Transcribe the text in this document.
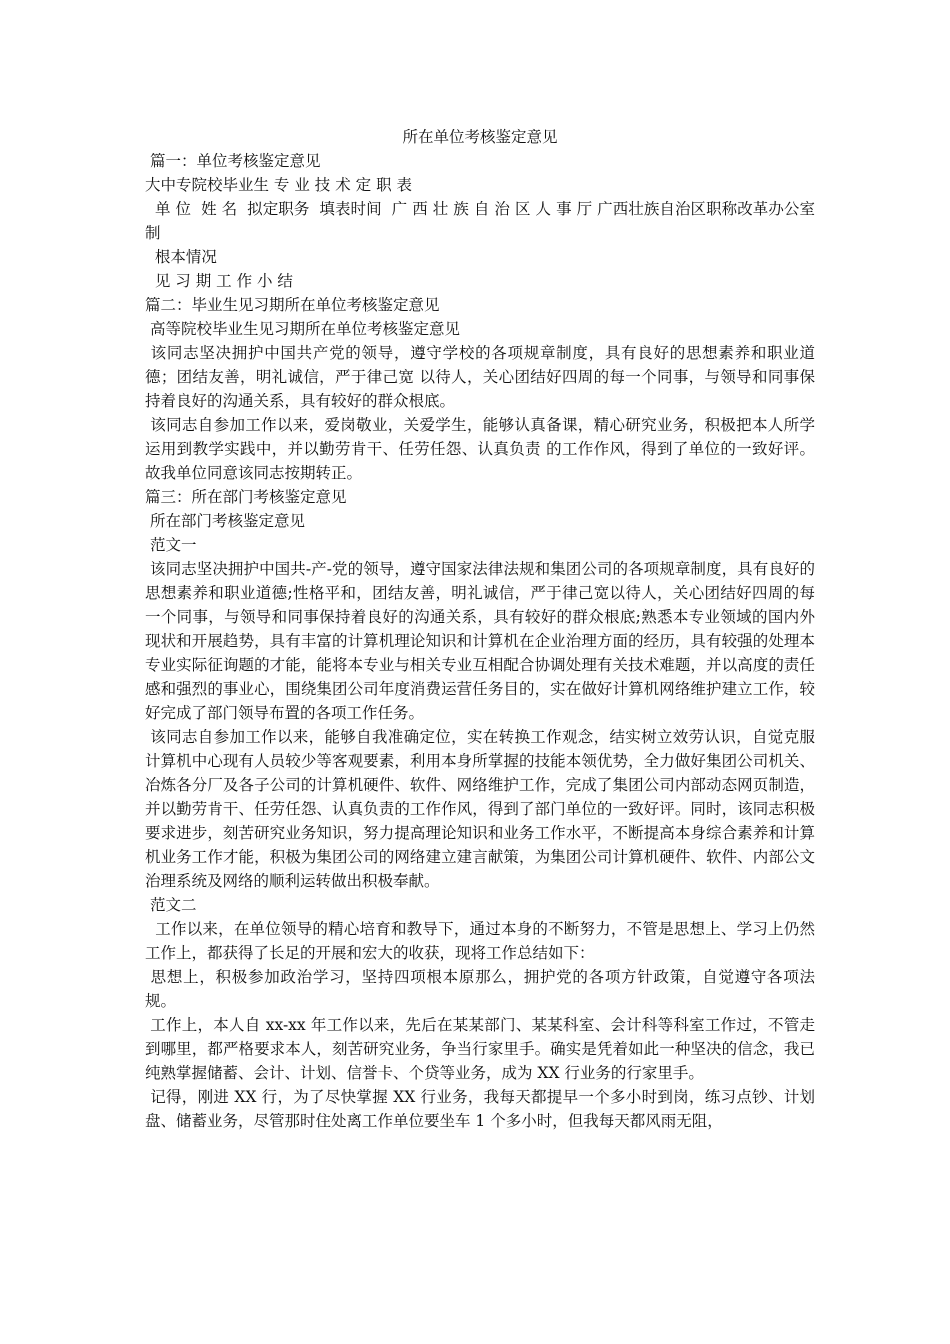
所在单位考核鉴定意见

篇一：单位考核鉴定意见

大中专院校毕业生 专 业 技 术 定 职 表

单 位  姓 名  拟定职务  填表时间  广 西 壮 族 自 治 区 人 事 厅 广西壮族自治区职称改革办公室制

根本情况

见 习 期 工 作 小 结

篇二：毕业生见习期所在单位考核鉴定意见

高等院校毕业生见习期所在单位考核鉴定意见

该同志坚决拥护中国共产党的领导，遵守学校的各项规章制度，具有良好的思想素养和职业道德；团结友善，明礼诚信，严于律己宽 以待人，关心团结好四周的每一个同事，与领导和同事保持着良好的沟通关系，具有较好的群众根底。

该同志自参加工作以来，爱岗敬业，关爱学生，能够认真备课，精心研究业务，积极把本人所学运用到教学实践中，并以勤劳肯干、任劳任怨、认真负责 的工作作风，得到了单位的一致好评。故我单位同意该同志按期转正。

篇三：所在部门考核鉴定意见

所在部门考核鉴定意见

范文一

该同志坚决拥护中国共-产-党的领导，遵守国家法律法规和集团公司的各项规章制度，具有良好的思想素养和职业道德;性格平和，团结友善，明礼诚信，严于律己宽以待人，关心团结好四周的每一个同事，与领导和同事保持着良好的沟通关系，具有较好的群众根底;熟悉本专业领域的国内外现状和开展趋势，具有丰富的计算机理论知识和计算机在企业治理方面的经历，具有较强的处理本专业实际征询题的才能，能将本专业与相关专业互相配合协调处理有关技术难题，并以高度的责任感和强烈的事业心，围绕集团公司年度消费运营任务目的，实在做好计算机网络维护建立工作，较好完成了部门领导布置的各项工作任务。

该同志自参加工作以来，能够自我准确定位，实在转换工作观念，结实树立效劳认识，自觉克服计算机中心现有人员较少等客观要素，利用本身所掌握的技能本领优势，全力做好集团公司机关、冶炼各分厂及各子公司的计算机硬件、软件、网络维护工作，完成了集团公司内部动态网页制造，并以勤劳肯干、任劳任怨、认真负责的工作作风，得到了部门单位的一致好评。同时，该同志积极要求进步，刻苦研究业务知识，努力提高理论知识和业务工作水平，不断提高本身综合素养和计算机业务工作才能，积极为集团公司的网络建立建言献策，为集团公司计算机硬件、软件、内部公文治理系统及网络的顺利运转做出积极奉献。

范文二

工作以来，在单位领导的精心培育和教导下，通过本身的不断努力，不管是思想上、学习上仍然工作上，都获得了长足的开展和宏大的收获，现将工作总结如下：

思想上，积极参加政治学习，坚持四项根本原那么，拥护党的各项方针政策，自觉遵守各项法规。

工作上，本人自 xx-xx 年工作以来，先后在某某部门、某某科室、会计科等科室工作过，不管走到哪里，都严格要求本人，刻苦研究业务，争当行家里手。确实是凭着如此一种坚决的信念，我已纯熟掌握储蓄、会计、计划、信誉卡、个贷等业务，成为 XX 行业务的行家里手。

记得，刚进 XX 行，为了尽快掌握 XX 行业务，我每天都提早一个多小时到岗，练习点钞、计划盘、储蓄业务，尽管那时住处离工作单位要坐车 1 个多小时，但我每天都风雨无阻，
